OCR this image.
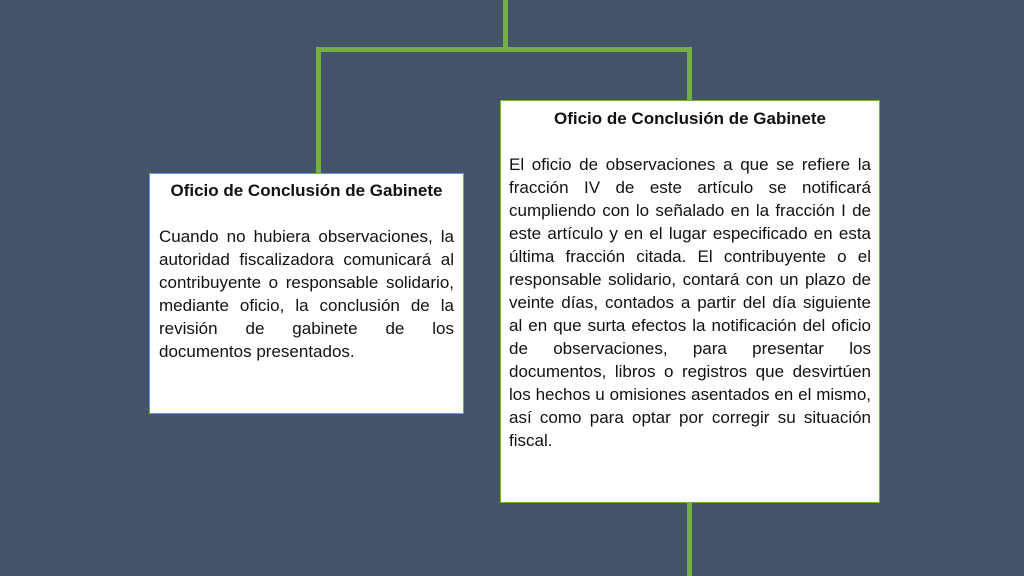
Oficio de Conclusión de Gabinete
Cuando no hubiera observaciones, la autoridad fiscalizadora comunicará al contribuyente o responsable solidario, mediante oficio, la conclusión de la revisión de gabinete de los documentos presentados.
Oficio de Conclusión de Gabinete
El oficio de observaciones a que se refiere la fracción IV de este artículo se notificará cumpliendo con lo señalado en la fracción I de este artículo y en el lugar especificado en esta última fracción citada. El contribuyente o el responsable solidario, contará con un plazo de veinte días, contados a partir del día siguiente al en que surta efectos la notificación del oficio de observaciones, para presentar los documentos, libros o registros que desvirtúen los hechos u omisiones asentados en el mismo, así como para optar por corregir su situación fiscal.
